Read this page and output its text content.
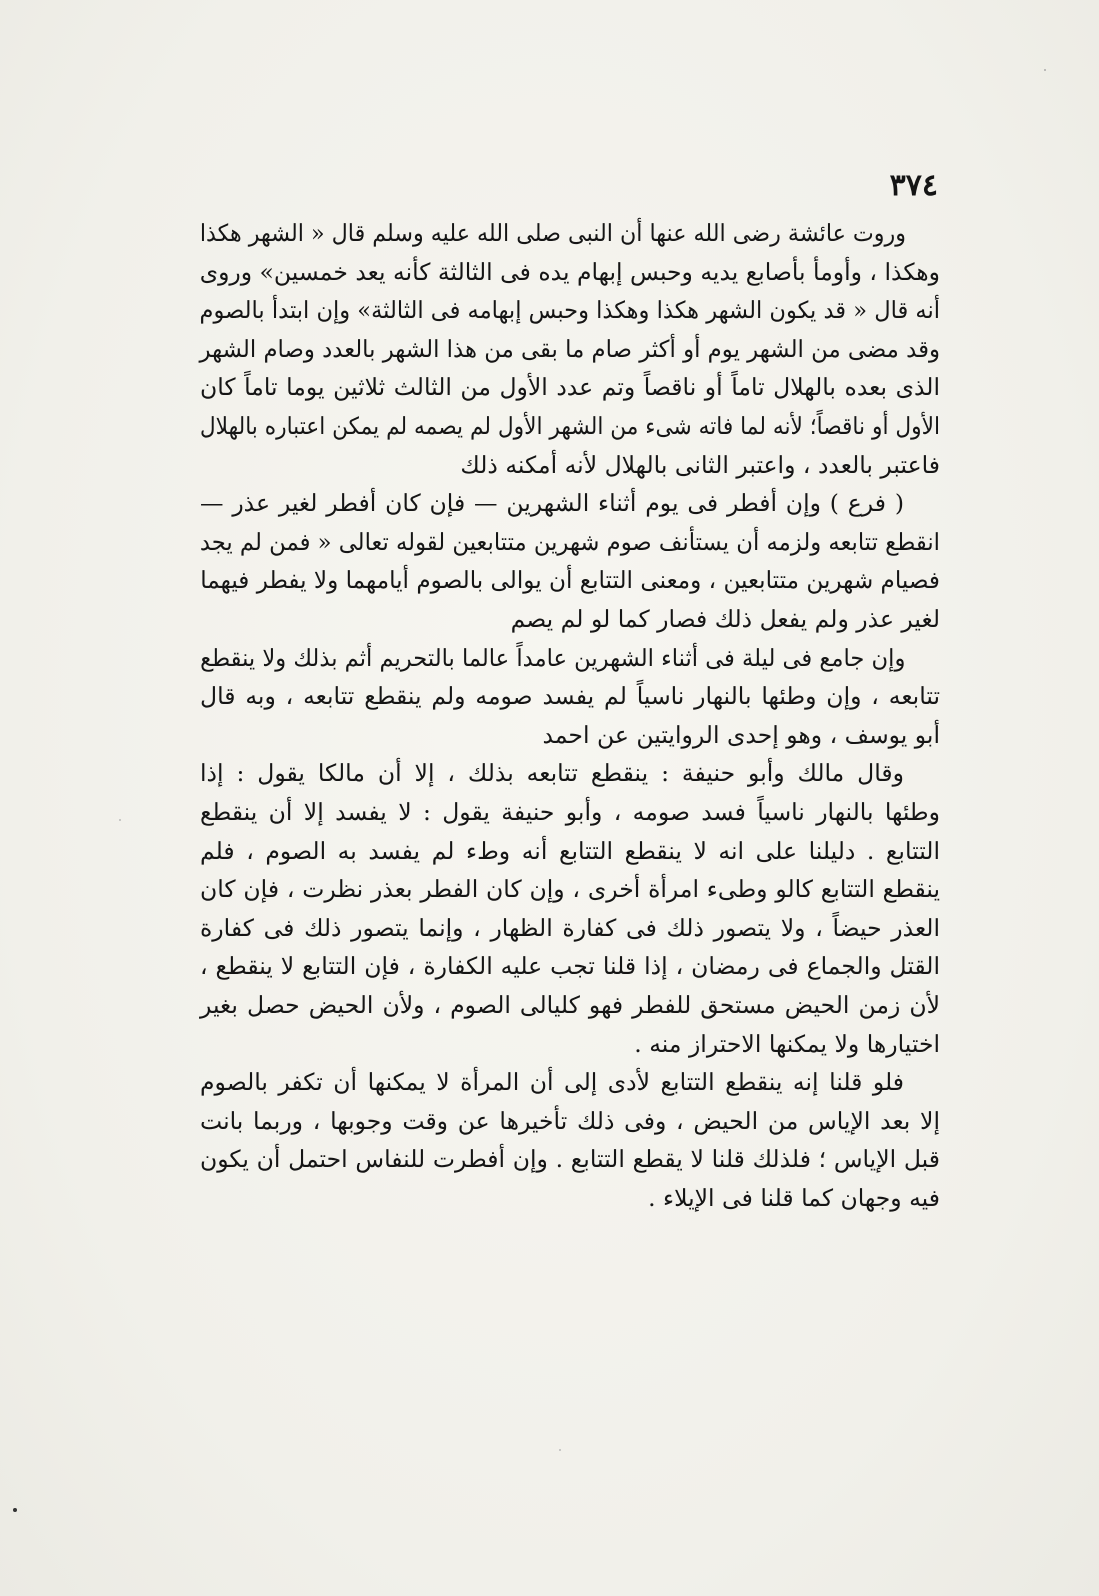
٣٧٤
وروت عائشة رضى الله عنها أن النبى صلى الله عليه وسلم قال « الشهر هكذا
وهكذا ، وأومأ بأصابع يديه وحبس إبهام يده فى الثالثة كأنه يعد خمسين» وروى
أنه قال « قد يكون الشهر هكذا وهكذا وحبس إبهامه فى الثالثة» وإن ابتدأ بالصوم
وقد مضى من الشهر يوم أو أكثر صام ما بقى من هذا الشهر بالعدد وصام الشهر
الذى بعده بالهلال تاماً أو ناقصاً وتم عدد الأول من الثالث ثلاثين يوما تاماً كان
الأول أو ناقصاً؛ لأنه لما فاته شىء من الشهر الأول لم يصمه لم يمكن اعتباره بالهلال
فاعتبر بالعدد ، واعتبر الثانى بالهلال لأنه أمكنه ذلك
( فرع ) وإن أفطر فى يوم أثناء الشهرين — فإن كان أفطر لغير عذر —
انقطع تتابعه ولزمه أن يستأنف صوم شهرين متتابعين لقوله تعالى « فمن لم يجد
فصيام شهرين متتابعين ، ومعنى التتابع أن يوالى بالصوم أيامهما ولا يفطر فيهما
لغير عذر ولم يفعل ذلك فصار كما لو لم يصم
وإن جامع فى ليلة فى أثناء الشهرين عامداً عالما بالتحريم أثم بذلك ولا ينقطع
تتابعه ، وإن وطئها بالنهار ناسياً لم يفسد صومه ولم ينقطع تتابعه ، وبه قال
أبو يوسف ، وهو إحدى الروايتين عن احمد
وقال مالك وأبو حنيفة : ينقطع تتابعه بذلك ، إلا أن مالكا يقول : إذا
وطئها بالنهار ناسياً فسد صومه ، وأبو حنيفة يقول : لا يفسد إلا أن ينقطع
التتابع . دليلنا على انه لا ينقطع التتابع أنه وطء لم يفسد به الصوم ، فلم
ينقطع التتابع كالو وطىء امرأة أخرى ، وإن كان الفطر بعذر نظرت ، فإن كان
العذر حيضاً ، ولا يتصور ذلك فى كفارة الظهار ، وإنما يتصور ذلك فى كفارة
القتل والجماع فى رمضان ، إذا قلنا تجب عليه الكفارة ، فإن التتابع لا ينقطع ،
لأن زمن الحيض مستحق للفطر فهو كليالى الصوم ، ولأن الحيض حصل بغير
اختيارها ولا يمكنها الاحتراز منه .
فلو قلنا إنه ينقطع التتابع لأدى إلى أن المرأة لا يمكنها أن تكفر بالصوم
إلا بعد الإياس من الحيض ، وفى ذلك تأخيرها عن وقت وجوبها ، وربما بانت
قبل الإياس ؛ فلذلك قلنا لا يقطع التتابع . وإن أفطرت للنفاس احتمل أن يكون
فيه وجهان كما قلنا فى الإيلاء .
